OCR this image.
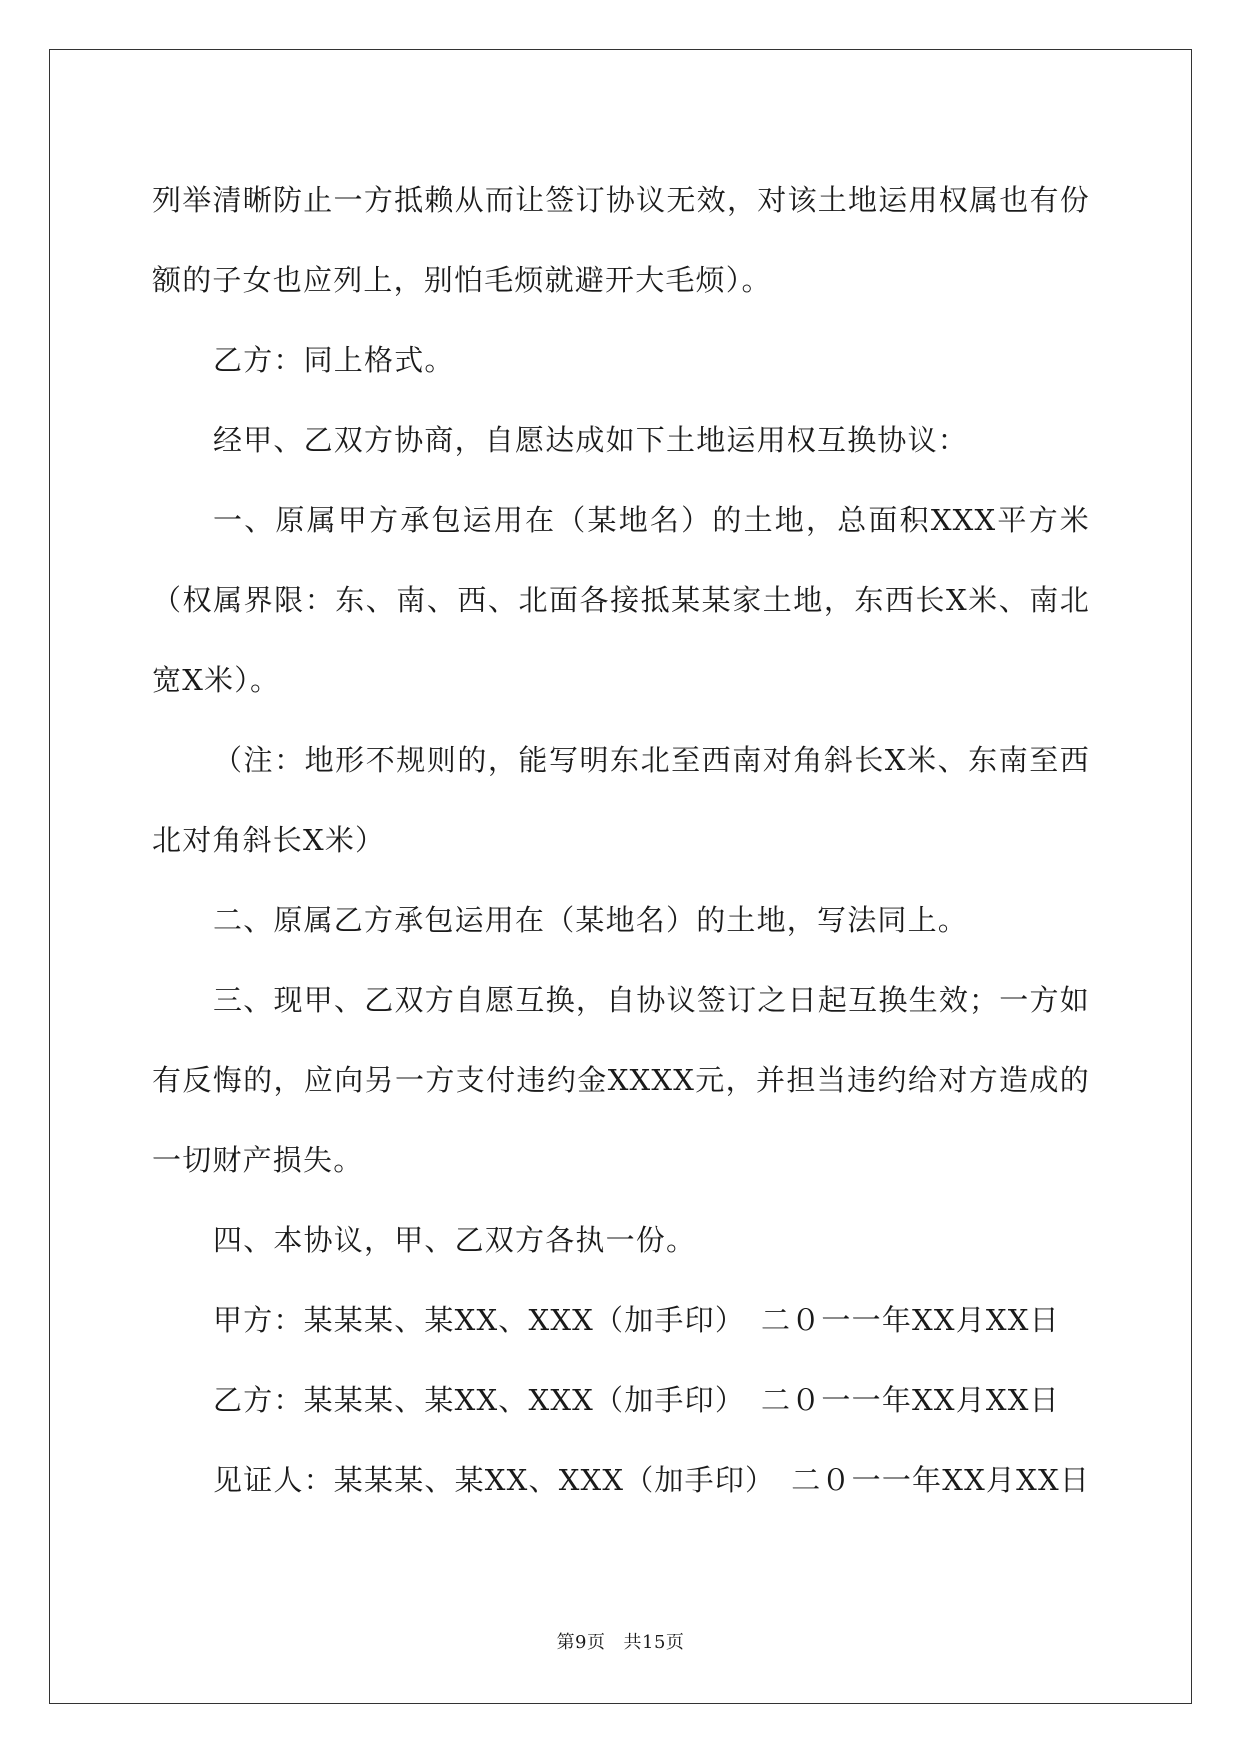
列举清晰防止一方抵赖从而让签订协议无效，对该土地运用权属也有份额的子女也应列上，别怕毛烦就避开大毛烦）。

乙方：同上格式。

经甲、乙双方协商，自愿达成如下土地运用权互换协议：

一、原属甲方承包运用在（某地名）的土地，总面积XXX平方米（权属界限：东、南、西、北面各接抵某某家土地，东西长X米、南北宽X米）。

（注：地形不规则的，能写明东北至西南对角斜长X米、东南至西北对角斜长X米）

二、原属乙方承包运用在（某地名）的土地，写法同上。

三、现甲、乙双方自愿互换，自协议签订之日起互换生效；一方如有反悔的，应向另一方支付违约金XXXX元，并担当违约给对方造成的一切财产损失。

四、本协议，甲、乙双方各执一份。

甲方：某某某、某XX、XXX（加手印） 二０一一年XX月XX日

乙方：某某某、某XX、XXX（加手印） 二０一一年XX月XX日

见证人：某某某、某XX、XXX（加手印） 二０一一年XX月XX日

第9页 共15页
